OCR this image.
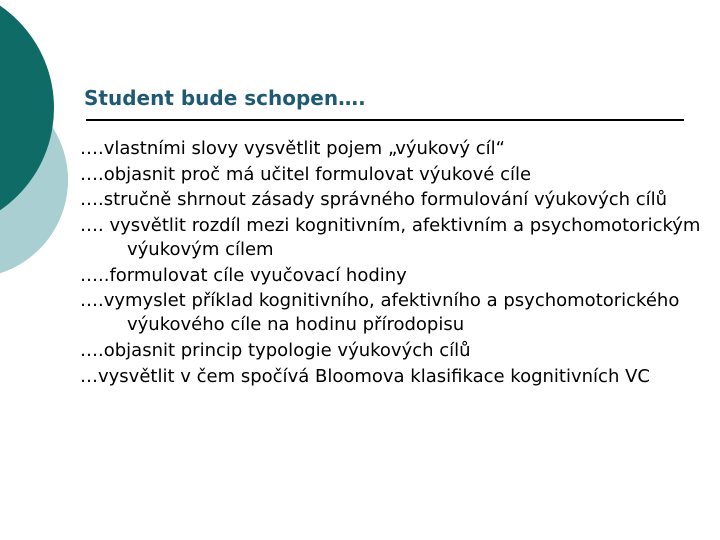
Student bude schopen….
….vlastními slovy vysvětlit pojem „výukový cíl“
….objasnit proč má učitel formulovat výukové cíle
….stručně shrnout zásady správného formulování výukových cílů
…. vysvětlit rozdíl mezi kognitivním, afektivním a psychomotorickým výukovým cílem
…..formulovat cíle vyučovací hodiny
….vymyslet příklad kognitivního, afektivního a psychomotorického výukového cíle na hodinu přírodopisu
….objasnit princip typologie výukových cílů
…vysvětlit v čem spočívá Bloomova klasifikace kognitivních VC
